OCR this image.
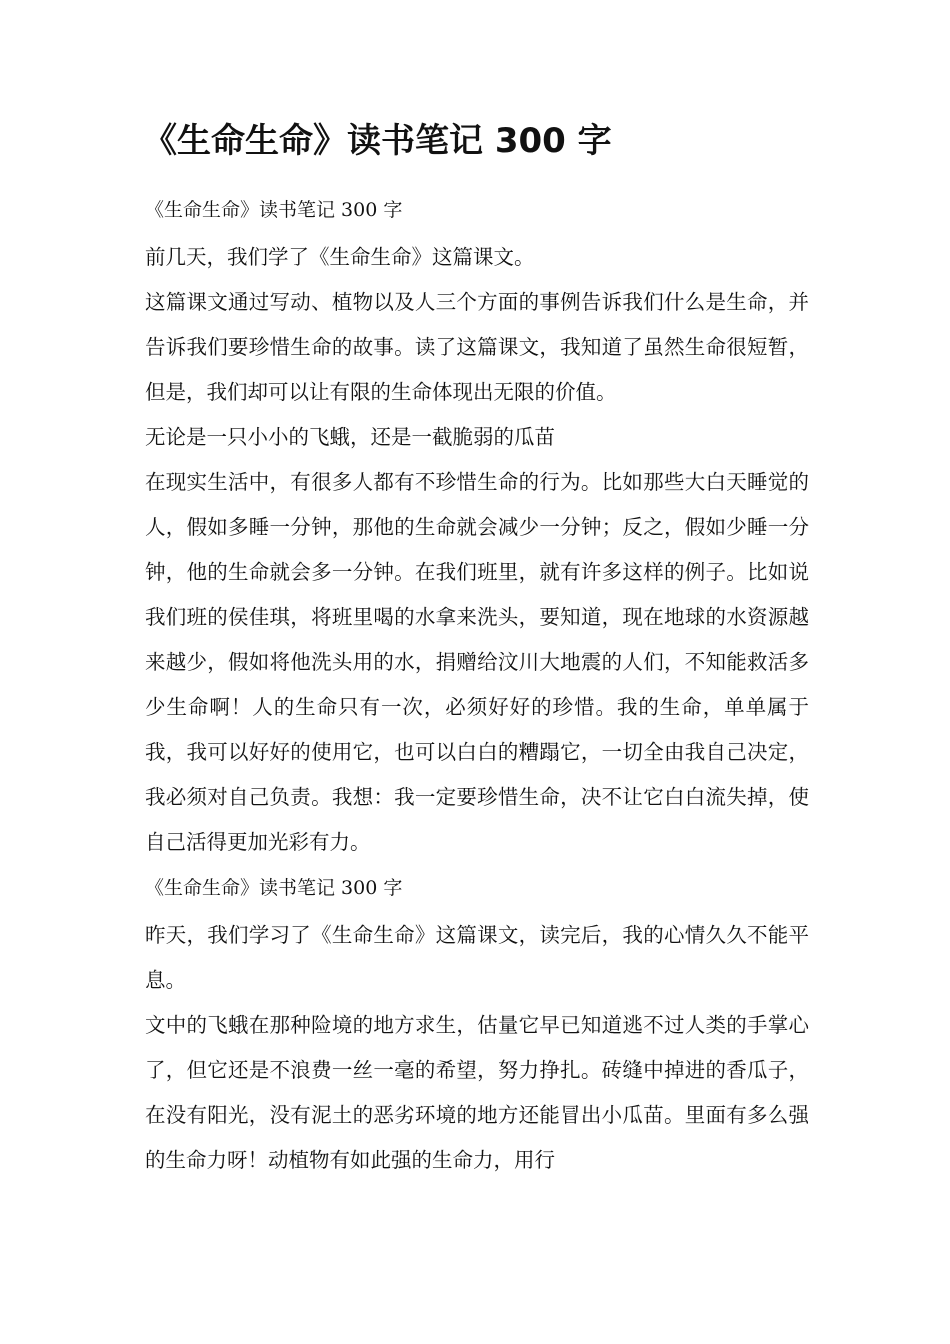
《生命生命》读书笔记 300 字

《生命生命》读书笔记 300 字

前几天，我们学了《生命生命》这篇课文。

这篇课文通过写动、植物以及人三个方面的事例告诉我们什么是生命，并告诉我们要珍惜生命的故事。读了这篇课文，我知道了虽然生命很短暂，但是，我们却可以让有限的生命体现出无限的价值。

无论是一只小小的飞蛾，还是一截脆弱的瓜苗

在现实生活中，有很多人都有不珍惜生命的行为。比如那些大白天睡觉的人，假如多睡一分钟，那他的生命就会减少一分钟；反之，假如少睡一分钟，他的生命就会多一分钟。在我们班里，就有许多这样的例子。比如说我们班的侯佳琪，将班里喝的水拿来洗头，要知道，现在地球的水资源越来越少，假如将他洗头用的水，捐赠给汶川大地震的人们，不知能救活多少生命啊！人的生命只有一次，必须好好的珍惜。我的生命，单单属于我，我可以好好的使用它，也可以白白的糟蹋它，一切全由我自己决定，我必须对自己负责。我想：我一定要珍惜生命，决不让它白白流失掉，使自己活得更加光彩有力。

《生命生命》读书笔记 300 字

昨天，我们学习了《生命生命》这篇课文，读完后，我的心情久久不能平息。

文中的飞蛾在那种险境的地方求生，估量它早已知道逃不过人类的手掌心了，但它还是不浪费一丝一毫的希望，努力挣扎。砖缝中掉进的香瓜子，在没有阳光，没有泥土的恶劣环境的地方还能冒出小瓜苗。里面有多么强的生命力呀！动植物有如此强的生命力，用行
